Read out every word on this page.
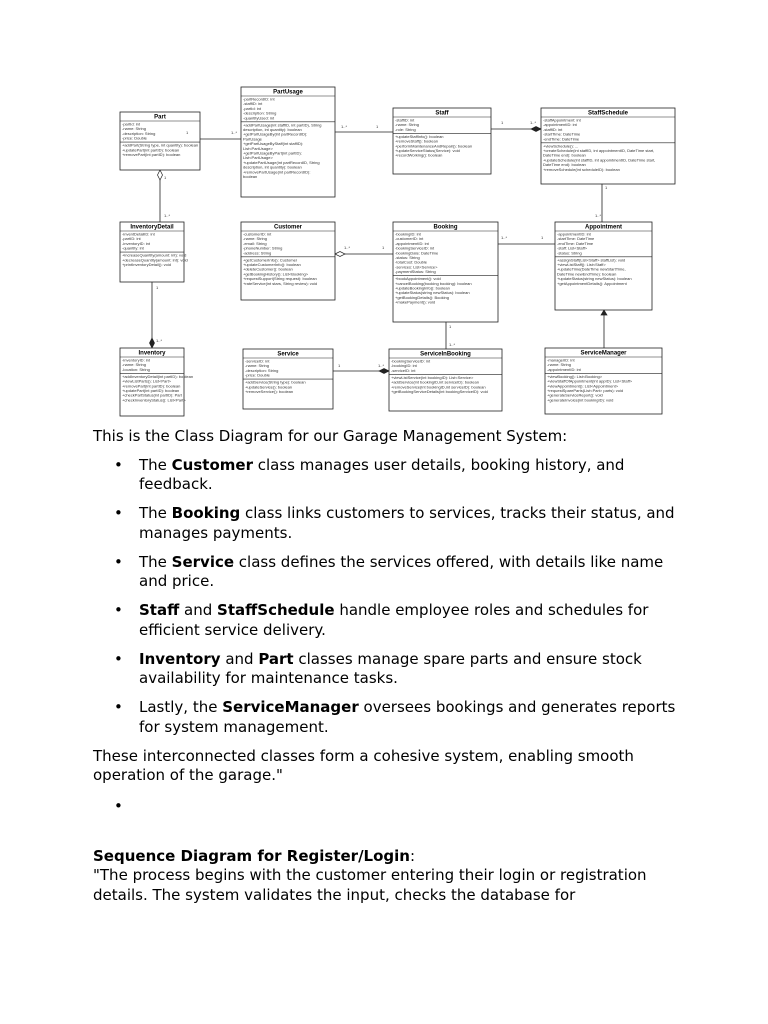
Part
-partId: int
-name: String
-description: String
-price: Double
+addPart(String type, int quantity): boolean
+updatePart(int partID): boolean
+removePart(int partID): boolean
PartUsage
-partRecordID: int
-staffID: int
-partId: int
-description: String
-quantityUsed: int
+addPartUsage(int staffID, int partID), String
description, int quantity): boolean
+getPartUsageBy(int partRecordID):
PartUsage
+getPartUsageByStaff(int staffID):
List<PartUsage>
+getPartUsageByPart(int partID):
List<PartUsage>
+updatePartUsage(int partRecordID, String
description, int quantity): boolean
+removePartUsage(int partRecordID):
boolean
Staff
-staffID: int
-name: String
-role: String
+updateStaffInfo(): boolean
+removeStaff(): boolean
+performMaintenanceAndRepair(): boolean
+updateServiceStatus(Service): void
+recordWorking(): boolean
StaffSchedule
-staffAppointment: int
-appointmentID: int
-staffID: int
-startTime: DateTime
-endTime: DateTime
+viewSchedule(): ...
+createSchedule(int staffID, int appointmentID, DateTime start,
DateTime end): boolean
+updateSchedule(int staffID, int appointmentID, DateTime start,
DateTime end): boolean
+removeSchedule(int scheduleID): boolean
InventoryDetail
-inventDetailID: int
-partID: int
-inventoryID: int
-quantity: int
+increaseQuantity(amount: int): void
+decreaseQuantity(amount: int): void
+printInventoryDetail(): void
Customer
-customerID: int
-name: String
-email: String
-phoneNumber: String
-address: String
+getCustomerInfo(): Customer
+updateCustomerInfo(): boolean
+deleteCustomer(): boolean
+getBookingHistory(): List<Booking>
+requestSupport(String request): boolean
+rateService(int stars, String review): void
Booking
-bookingID: int
-customerID: int
-appointmentID: int
-bookingServiceID: int
-bookingDate: DateTime
-status: String
-totalCost: Double
-services: List<Service>
-paymentStatus: String
+bookAppointment(): void
+cancelBooking(booking booking): boolean
+updateBookingInfo(): boolean
+updateStatus(string newStatus): boolean
+getBookingDetails(): Booking
+makePayment(): void
Appointment
-appointmentID: int
-startTime: DateTime
-endTime: DateTime
-staff: List<Staff>
-status: String
+assignStaff(List<Staff> staffList): void
+viewListStaff(): List<Staff>
+updateTime(DateTime newStartTime,
DateTime newEndTime): boolean
+updateStatus(string newStatus): boolean
+getAppointmentDetails(): Appointment
Inventory
-inventoryID: int
-name: String
-location: String
+addInventoryDetail(int partID): boolean
+viewListParts(): List<Part>
+removePart(int partID): boolean
+updatePart(int partID): boolean
+checkPartStatus(int partID): Part
+checkInventoryStatus(): List<Part>
Service
-serviceID: int
-name: String
-description: String
-price: Double
+addService(String type): boolean
+updateService(): boolean
+removeService(): boolean
ServiceInBooking
-bookingServiceID: int
-bookingID: int
-serviceID: int
+viewListService(int bookingID): List<Service>
+addService(int bookingID,int serviceID): boolean
+removeService(int bookingID,int serviceID): boolean
+getBookingServiceDetails(int bookingServiceID): void
ServiceManager
-managerID: int
-name: String
-appointmentID: int
+viewBooking(): List<Booking>
+viewStaffOfAppointment(int appID): List<Staff>
+viewAppointment(): List<Appointment>
+requestSpareParts(List<Part> parts): void
+generateServiceReport(): void
+generateInvoice(int bookingID): void
1	1..*
1..*	1
1	1..*
1
1..*
1
1..*
1..*	1
1..*	1
1
1..*
1	1..*
1
1..*

This is the Class Diagram for our Garage Management System:

• The Customer class manages user details, booking history, and feedback.
• The Booking class links customers to services, tracks their status, and manages payments.
• The Service class defines the services offered, with details like name and price.
• Staff and StaffSchedule handle employee roles and schedules for efficient service delivery.
• Inventory and Part classes manage spare parts and ensure stock availability for maintenance tasks.
• Lastly, the ServiceManager oversees bookings and generates reports for system management.

These interconnected classes form a cohesive system, enabling smooth operation of the garage."

•

Sequence Diagram for Register/Login:

"The process begins with the customer entering their login or registration details. The system validates the input, checks the database for
